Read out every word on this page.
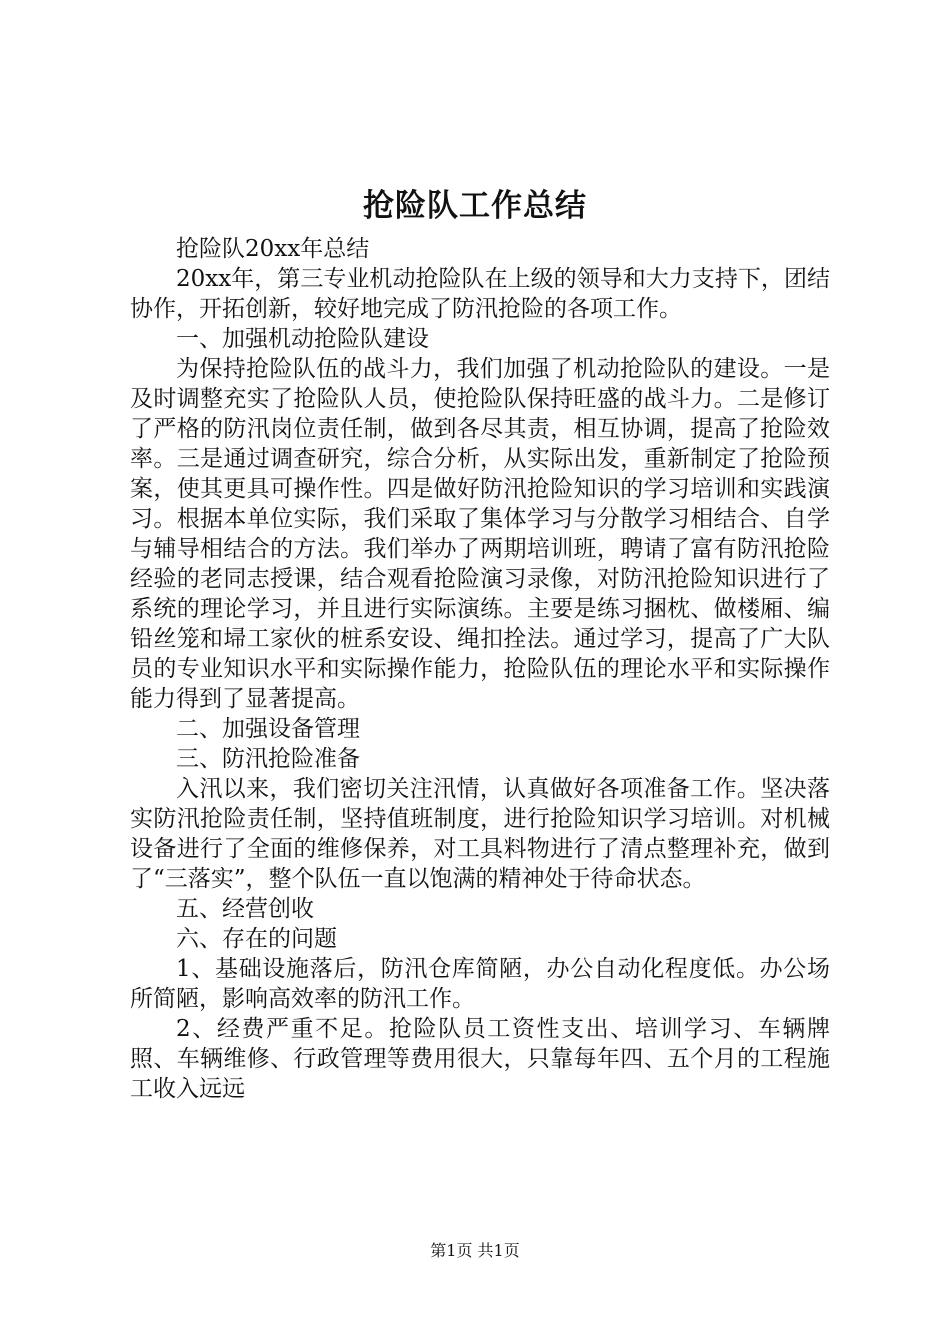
抢险队工作总结

抢险队20xx年总结

20xx年，第三专业机动抢险队在上级的领导和大力支持下，团结协作，开拓创新，较好地完成了防汛抢险的各项工作。

一、加强机动抢险队建设

为保持抢险队伍的战斗力，我们加强了机动抢险队的建设。一是及时调整充实了抢险队人员，使抢险队保持旺盛的战斗力。二是修订了严格的防汛岗位责任制，做到各尽其责，相互协调，提高了抢险效率。三是通过调查研究，综合分析，从实际出发，重新制定了抢险预案，使其更具可操作性。四是做好防汛抢险知识的学习培训和实践演习。根据本单位实际，我们采取了集体学习与分散学习相结合、自学与辅导相结合的方法。我们举办了两期培训班，聘请了富有防汛抢险经验的老同志授课，结合观看抢险演习录像，对防汛抢险知识进行了系统的理论学习，并且进行实际演练。主要是练习捆枕、做楼厢、编铅丝笼和埽工家伙的桩系安设、绳扣拴法。通过学习，提高了广大队员的专业知识水平和实际操作能力，抢险队伍的理论水平和实际操作能力得到了显著提高。

二、加强设备管理

三、防汛抢险准备

入汛以来，我们密切关注汛情，认真做好各项准备工作。坚决落实防汛抢险责任制，坚持值班制度，进行抢险知识学习培训。对机械设备进行了全面的维修保养，对工具料物进行了清点整理补充，做到了“三落实”，整个队伍一直以饱满的精神处于待命状态。

五、经营创收

六、存在的问题

1、基础设施落后，防汛仓库简陋，办公自动化程度低。办公场所简陋，影响高效率的防汛工作。

2、经费严重不足。抢险队员工资性支出、培训学习、车辆牌照、车辆维修、行政管理等费用很大，只靠每年四、五个月的工程施工收入远远

第1页 共1页
